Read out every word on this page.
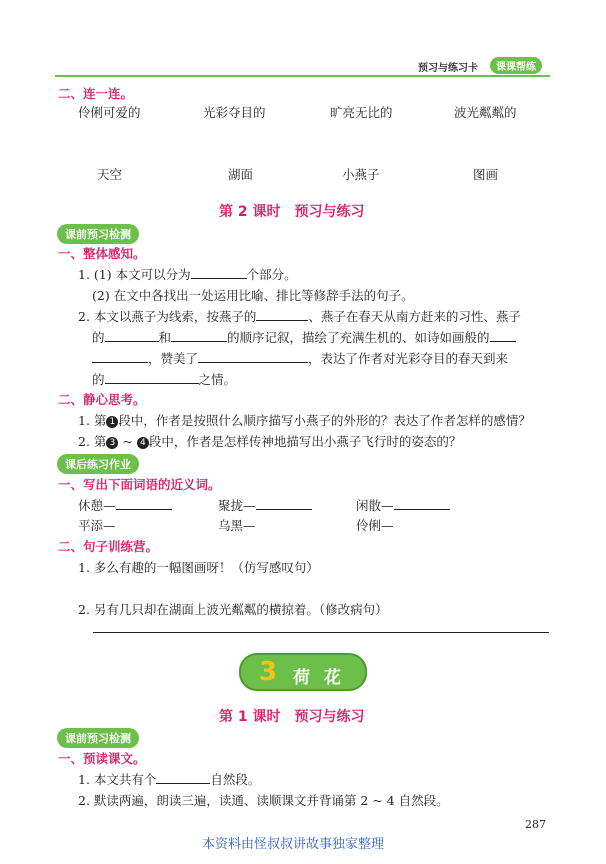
预习与练习卡	课课帮练
二、连一连。
伶俐可爱的	光彩夺目的	旷亮无比的	波光粼粼的
天空	湖面	小燕子	图画
第 2 课时　预习与练习
课前预习检测
一、整体感知。
1. (1) 本文可以分为	个部分。
(2) 在文中各找出一处运用比喻、排比等修辞手法的句子。
2. 本文以燕子为线索，按燕子的	、燕子在春天从南方赶来的习性、燕子
的	和	的顺序记叙，描绘了充满生机的、如诗如画般的
，赞美了	，表达了作者对光彩夺目的春天到来
的	之情。
二、静心思考。
1. 第 1 段中，作者是按照什么顺序描写小燕子的外形的？表达了作者怎样的感情？
2. 第 3 ~ 4 段中，作者是怎样传神地描写出小燕子飞行时的姿态的？
课后练习作业
一、写出下面词语的近义词。
休憩—	聚拢—	闲散—
平添—	乌黑—	伶俐—
二、句子训练营。
1. 多么有趣的一幅图画呀！（仿写感叹句）
2. 另有几只却在湖面上波光粼粼的横掠着。（修改病句）
3 荷 花
第 1 课时　预习与练习
课前预习检测
一、预读课文。
1. 本文共有个	自然段。
2. 默读两遍，朗读三遍，读通、读顺课文并背诵第 2 ~ 4 自然段。
287
本资料由怪叔叔讲故事独家整理
